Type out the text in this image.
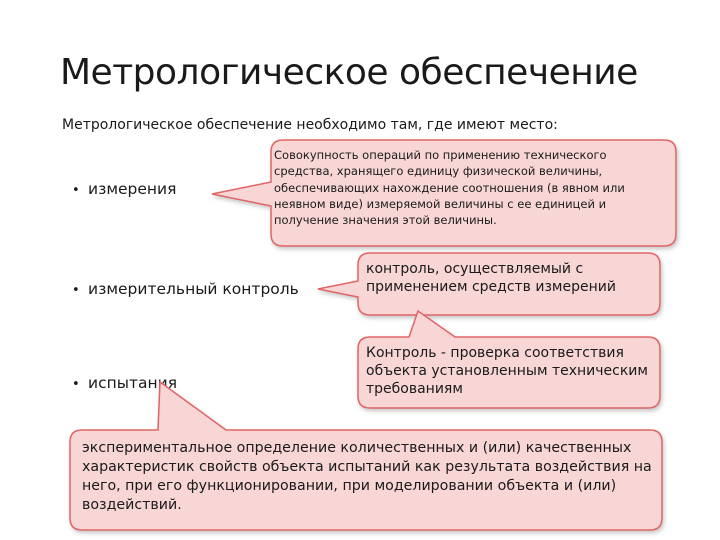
Метрологическое обеспечение
Метрологическое обеспечение необходимо там, где имеют место:
• измерения
• измерительный контроль
• испытания
Совокупность операций по применению технического средства, хранящего единицу физической величины, обеспечивающих нахождение соотношения (в явном или неявном виде) измеряемой величины с ее единицей и получение значения этой величины.
контроль, осуществляемый с применением средств измерений
Контроль - проверка соответствия объекта установленным техническим требованиям
экспериментальное определение количественных и (или) качественных характеристик свойств объекта испытаний как результата воздействия на него, при его функционировании, при моделировании объекта и (или) воздействий.
